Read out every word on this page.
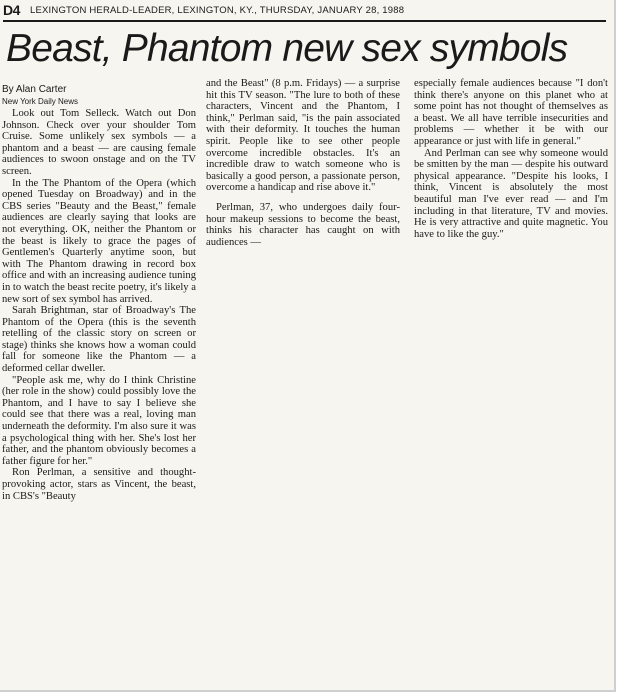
D4 LEXINGTON HERALD-LEADER, LEXINGTON, KY., THURSDAY, JANUARY 28, 1988
Beast, Phantom new sex symbols
By Alan Carter
New York Daily News

Look out Tom Selleck. Watch out Don Johnson. Check over your shoulder Tom Cruise. Some unlikely sex symbols — a phantom and a beast — are causing female audiences to swoon onstage and on the TV screen.

In the The Phantom of the Opera (which opened Tuesday on Broadway) and in the CBS series "Beauty and the Beast," female audiences are clearly saying that looks are not everything. OK, neither the Phantom or the beast is likely to grace the pages of Gentlemen's Quarterly anytime soon, but with The Phantom drawing in record box office and with an increasing audience tuning in to watch the beast recite poetry, it's likely a new sort of sex symbol has arrived.

Sarah Brightman, star of Broadway's The Phantom of the Opera (this is the seventh retelling of the classic story on screen or stage) thinks she knows how a woman could fall for someone like the Phantom — a deformed cellar dweller.

"People ask me, why do I think Christine (her role in the show) could possibly love the Phantom, and I have to say I believe she could see that there was a real, loving man underneath the deformity. I'm also sure it was a psychological thing with her. She's lost her father, and the phantom obviously becomes a father figure for her."

Ron Perlman, a sensitive and thought-provoking actor, stars as Vincent, the beast, in CBS's "Beauty

and the Beast" (8 p.m. Fridays) — a surprise hit this TV season. "The lure to both of these characters, Vincent and the Phantom, I think," Perlman said, "is the pain associated with their deformity. It touches the human spirit. People like to see other people overcome incredible obstacles. It's an incredible draw to watch someone who is basically a good person, a passionate person, overcome a handicap and rise above it."

Perlman, 37, who undergoes daily four-hour makeup sessions to become the beast, thinks his character has caught on with audiences —

especially female audiences because "I don't think there's anyone on this planet who at some point has not thought of themselves as a beast. We all have terrible insecurities and problems — whether it be with our appearance or just with life in general."

And Perlman can see why someone would be smitten by the man — despite his outward physical appearance. "Despite his looks, I think, Vincent is absolutely the most beautiful man I've ever read — and I'm including in that literature, TV and movies. He is very attractive and quite magnetic. You have to like the guy."
